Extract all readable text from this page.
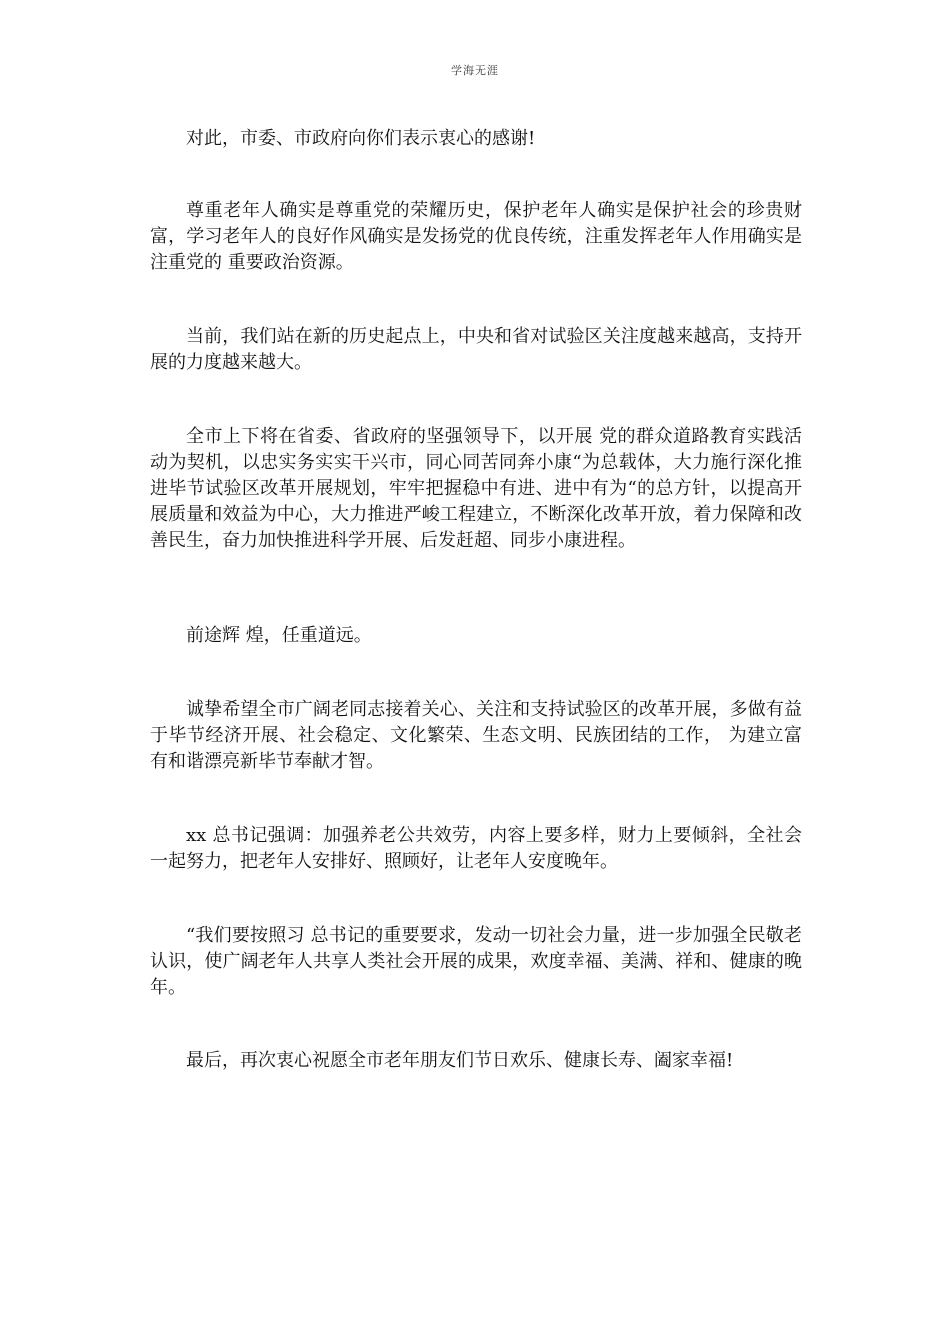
学海无涯

对此，市委、市政府向你们表示衷心的感谢!

尊重老年人确实是尊重党的荣耀历史，保护老年人确实是保护社会的珍贵财富，学习老年人的良好作风确实是发扬党的优良传统，注重发挥老年人作用确实是注重党的 重要政治资源。

当前，我们站在新的历史起点上，中央和省对试验区关注度越来越高，支持开展的力度越来越大。

全市上下将在省委、省政府的坚强领导下，以开展 党的群众道路教育实践活动为契机，以忠实务实实干兴市，同心同苦同奔小康“为总载体，大力施行深化推进毕节试验区改革开展规划，牢牢把握稳中有进、进中有为“的总方针，以提高开展质量和效益为中心，大力推进严峻工程建立，不断深化改革开放，着力保障和改善民生，奋力加快推进科学开展、后发赶超、同步小康进程。

前途辉 煌，任重道远。

诚挚希望全市广阔老同志接着关心、关注和支持试验区的改革开展，多做有益于毕节经济开展、社会稳定、文化繁荣、生态文明、民族团结的工作， 为建立富有和谐漂亮新毕节奉献才智。

xx 总书记强调：加强养老公共效劳，内容上要多样，财力上要倾斜，全社会一起努力，把老年人安排好、照顾好，让老年人安度晚年。

“我们要按照习 总书记的重要要求，发动一切社会力量，进一步加强全民敬老认识，使广阔老年人共享人类社会开展的成果，欢度幸福、美满、祥和、健康的晚年。

最后，再次衷心祝愿全市老年朋友们节日欢乐、健康长寿、阖家幸福!
